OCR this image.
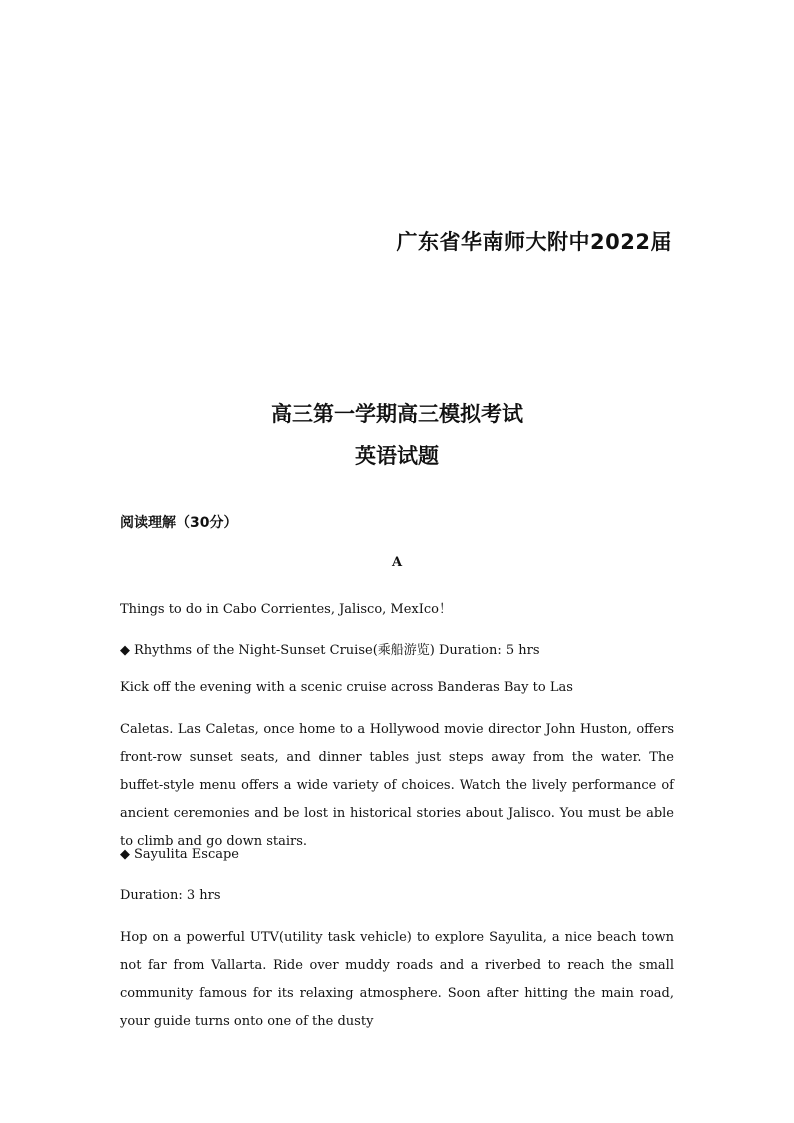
广东省华南师大附中2022届
高三第一学期高三模拟考试
英语试题
阅读理解（30分）
A
Things to do in Cabo Corrientes, Jalisco, MexIco！
◆ Rhythms of the Night-Sunset Cruise(乘船游览) Duration: 5 hrs
Kick off the evening with a scenic cruise across Banderas Bay to Las
Caletas. Las Caletas, once home to a Hollywood movie director John Huston, offers front-row sunset seats, and dinner tables just steps away from the water. The buffet-style menu offers a wide variety of choices. Watch the lively performance of ancient ceremonies and be lost in historical stories about Jalisco. You must be able to climb and go down stairs.
◆ Sayulita Escape
Duration: 3 hrs
Hop on a powerful UTV(utility task vehicle) to explore Sayulita, a nice beach town not far from Vallarta. Ride over muddy roads and a riverbed to reach the small community famous for its relaxing atmosphere. Soon after hitting the main road, your guide turns onto one of the dusty
